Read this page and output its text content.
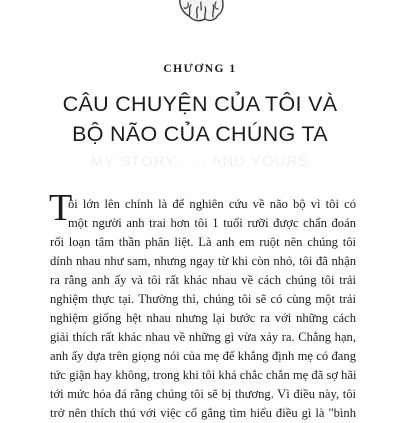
CHƯƠNG 1
CÂU CHUYỆN CỦA TÔI VÀ
BỘ NÃO CỦA CHÚNG TA
MY STORY . . . AND YOURS
T
ôi lớn lên chính là để nghiên cứu về não bộ vì tôi có
một người anh trai hơn tôi 1 tuổi rưỡi được chẩn đoán
rối loạn tâm thần phân liệt. Là anh em ruột nên chúng tôi
dính nhau như sam, nhưng ngay từ khi còn nhỏ, tôi đã nhận
ra rằng anh ấy và tôi rất khác nhau về cách chúng tôi trải
nghiệm thực tại. Thường thì, chúng tôi sẽ có cùng một trải
nghiệm giống hệt nhau nhưng lại bước ra với những cách
giải thích rất khác nhau về những gì vừa xảy ra. Chẳng hạn,
anh ấy dựa trên giọng nói của mẹ để khẳng định mẹ có đang
tức giận hay không, trong khi tôi khá chắc chắn mẹ đã sợ hãi
tới mức hóa đá rằng chúng tôi sẽ bị thương. Vì điều này, tôi
trở nên thích thú với việc cố gắng tìm hiểu điều gì là "bình
